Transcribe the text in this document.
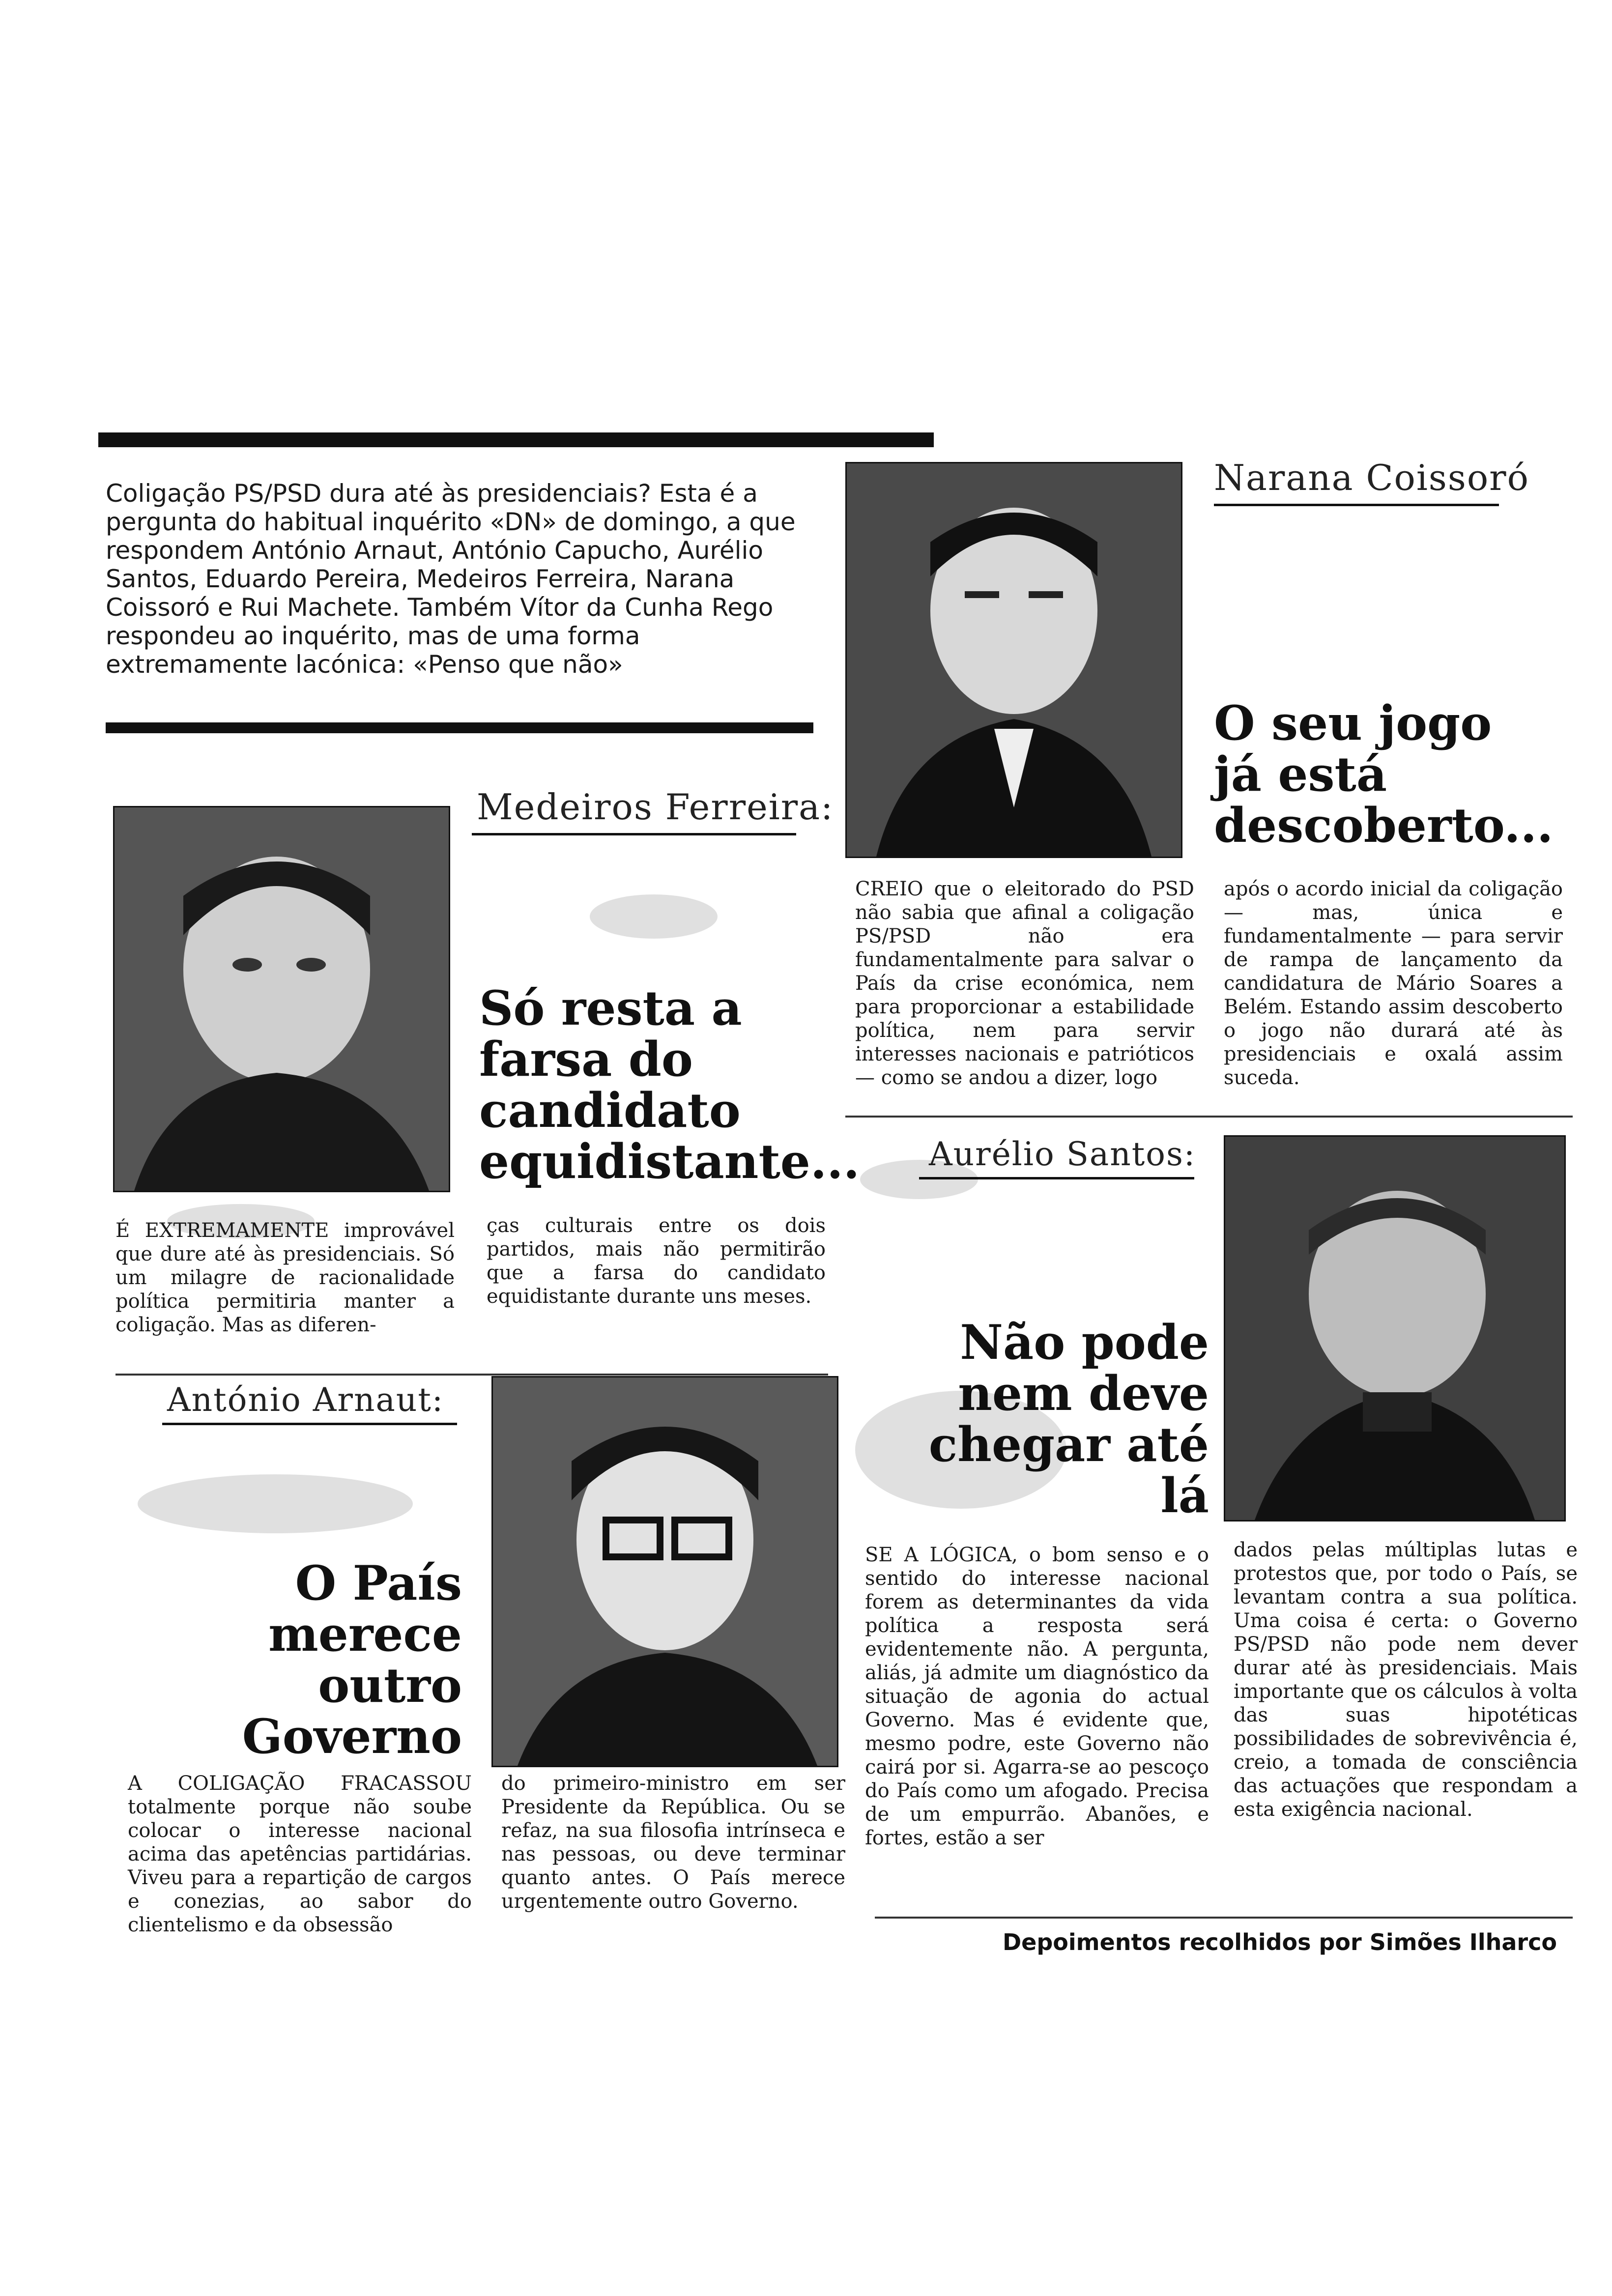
Coligação PS/PSD dura até às presidenciais? Esta é a pergunta do habitual inquérito «DN» de domingo, a que respondem António Arnaut, António Capucho, Aurélio Santos, Eduardo Pereira, Medeiros Ferreira, Narana Coissoró e Rui Machete. Também Vítor da Cunha Rego respondeu ao inquérito, mas de uma forma extremamente lacónica: «Penso que não»
Narana Coissoró
O seu jogo já está descoberto...
CREIO que o eleitorado do PSD não sabia que afinal a coligação PS/PSD não era fundamentalmente para salvar o País da crise económica, nem para proporcionar a estabilidade política, nem para servir interesses nacionais e patrióticos — como se andou a dizer, logo
após o acordo inicial da coligação — mas, única e fundamentalmente — para servir de rampa de lançamento da candidatura de Mário Soares a Belém. Estando assim descoberto o jogo não durará até às presidenciais e oxalá assim suceda.
Medeiros Ferreira:
Só resta a farsa do candidato equidistante...
É EXTREMAMENTE improvável que dure até às presidenciais. Só um milagre de racionalidade política permitiria manter a coligação. Mas as diferen-
ças culturais entre os dois partidos, mais não permitirão que a farsa do candidato equidistante durante uns meses.
Aurélio Santos:
Não pode nem deve chegar até lá
SE A LÓGICA, o bom senso e o sentido do interesse nacional forem as determinantes da vida política a resposta será evidentemente não. A pergunta, aliás, já admite um diagnóstico da situação de agonia do actual Governo. Mas é evidente que, mesmo podre, este Governo não cairá por si. Agarra-se ao pescoço do País como um afogado. Precisa de um empurrão. Abanões, e fortes, estão a ser
dados pelas múltiplas lutas e protestos que, por todo o País, se levantam contra a sua política. Uma coisa é certa: o Governo PS/PSD não pode nem dever durar até às presidenciais. Mais importante que os cálculos à volta das suas hipotéticas possibilidades de sobrevivência é, creio, a tomada de consciência das actuações que respondam a esta exigência nacional.
António Arnaut:
O País merece outro Governo
A COLIGAÇÃO FRACASSOU totalmente porque não soube colocar o interesse nacional acima das apetências partidárias. Viveu para a repartição de cargos e conezias, ao sabor do clientelismo e da obsessão
do primeiro-ministro em ser Presidente da República. Ou se refaz, na sua filosofia intrínseca e nas pessoas, ou deve terminar quanto antes. O País merece urgentemente outro Governo.
Depoimentos recolhidos por Simões Ilharco
